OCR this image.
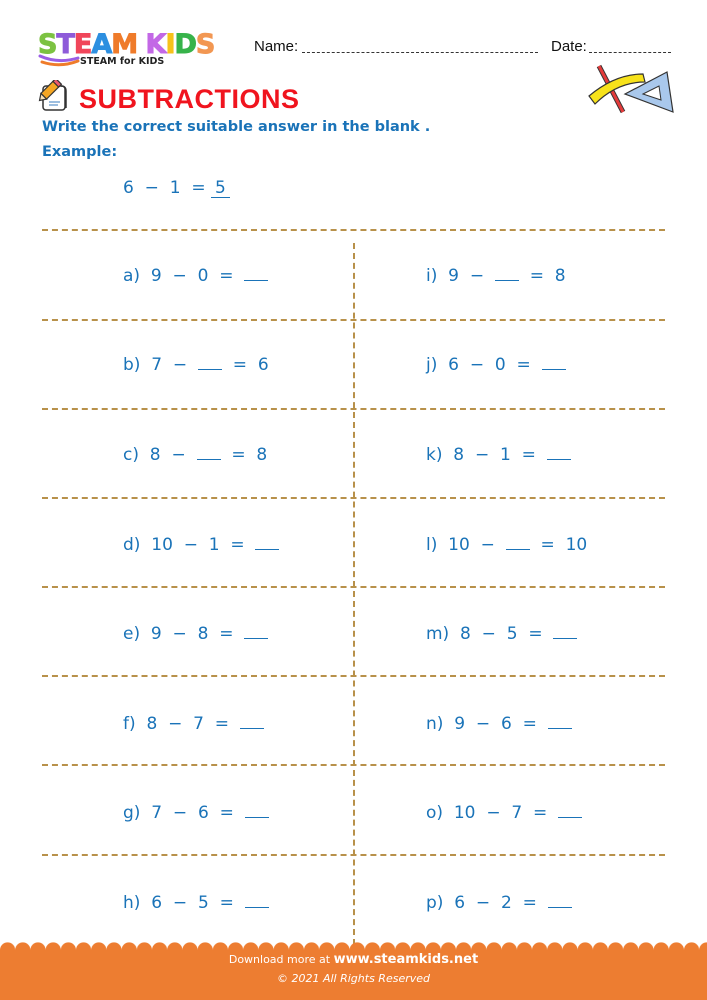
STEAM KIDS
STEAM for KIDS
Name:	Date:
SUBTRACTIONS
Write the correct suitable answer in the blank .
Example:
6 − 1 = 5
a) 9 − 0 =
b) 7 −	= 6
c) 8 −	= 8
d) 10 − 1 =
e) 9 − 8 =
f) 8 − 7 =
g) 7 − 6 =
h) 6 − 5 =
i) 9 −	= 8
j) 6 − 0 =
k) 8 − 1 =
l) 10 −	= 10
m) 8 − 5 =
n) 9 − 6 =
o) 10 − 7 =
p) 6 − 2 =
Download more at www.steamkids.net
© 2021 All Rights Reserved
